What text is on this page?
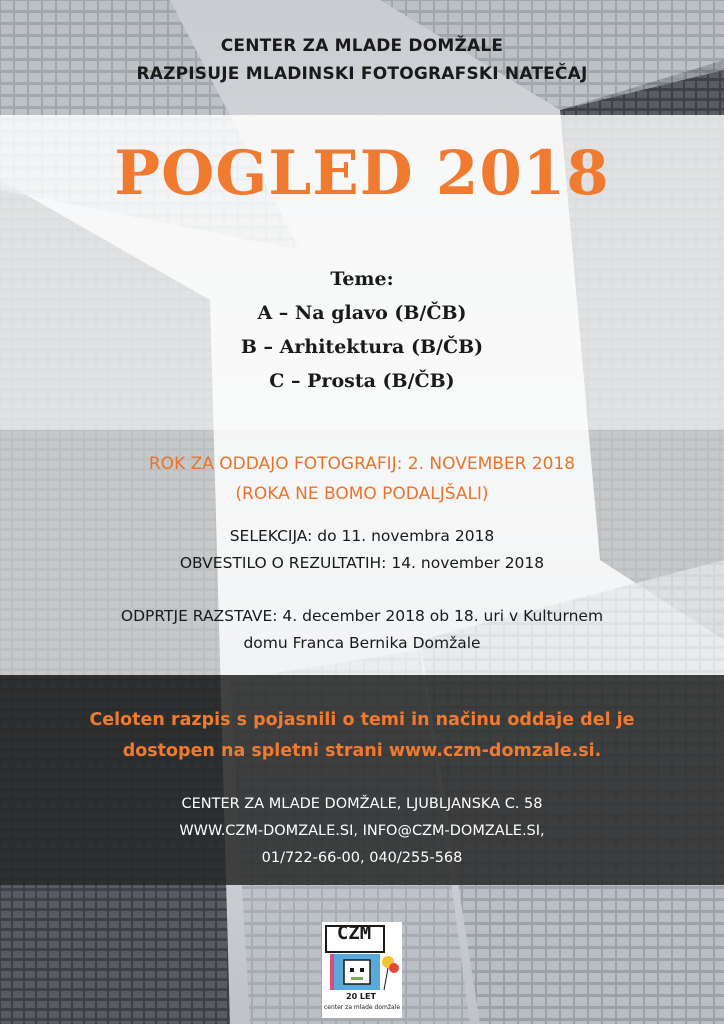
CENTER ZA MLADE DOMŽALE
RAZPISUJE MLADINSKI FOTOGRAFSKI NATEČAJ
POGLED 2018
Teme:
A – Na glavo (B/ČB)
B – Arhitektura (B/ČB)
C – Prosta (B/ČB)
ROK ZA ODDAJO FOTOGRAFIJ: 2. NOVEMBER 2018
(ROKA NE BOMO PODALJŠALI)
SELEKCIJA: do 11. novembra 2018
OBVESTILO O REZULTATIH: 14. november 2018
ODPRTJE RAZSTAVE: 4. december 2018 ob 18. uri v Kulturnem
domu Franca Bernika Domžale
Celoten razpis s pojasnili o temi in načinu oddaje del je
dostopen na spletni strani www.czm-domzale.si.
CENTER ZA MLADE DOMŽALE, LJUBLJANSKA C. 58
WWW.CZM-DOMZALE.SI, INFO@CZM-DOMZALE.SI,
01/722-66-00, 040/255-568
CZM
20 LET
center za mlade domžale
